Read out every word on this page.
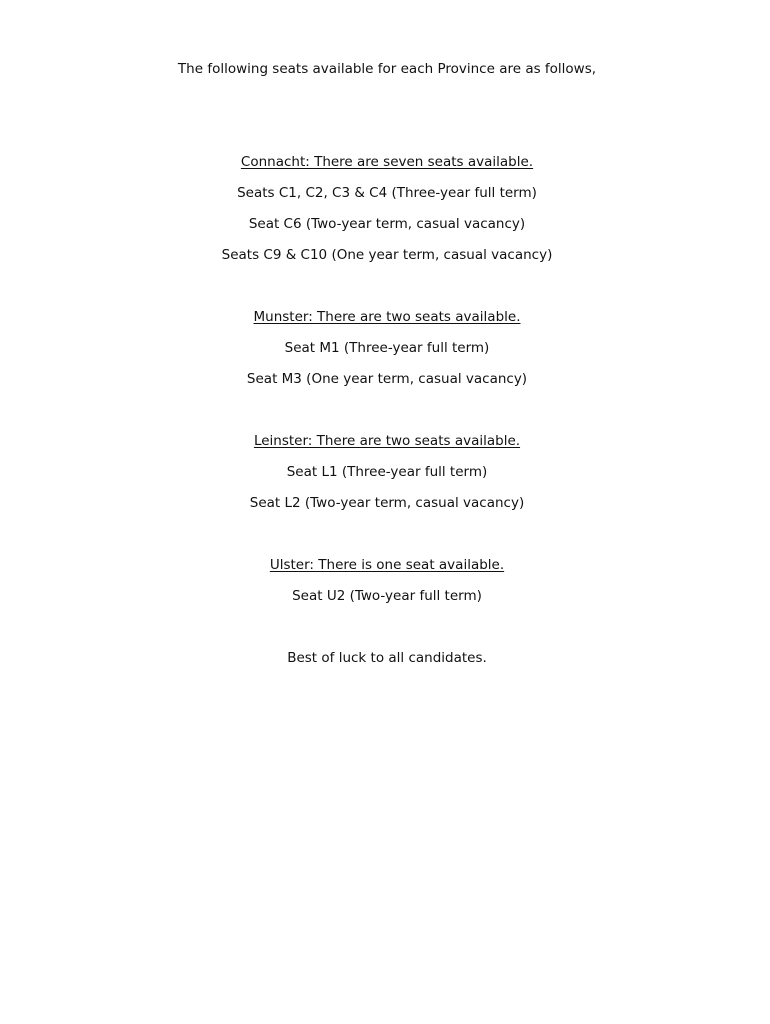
The following seats available for each Province are as follows,
Connacht: There are seven seats available.
Seats C1, C2, C3 & C4 (Three-year full term)
Seat C6 (Two-year term, casual vacancy)
Seats C9 & C10 (One year term, casual vacancy)
Munster: There are two seats available.
Seat M1 (Three-year full term)
Seat M3 (One year term, casual vacancy)
Leinster: There are two seats available.
Seat L1 (Three-year full term)
Seat L2 (Two-year term, casual vacancy)
Ulster: There is one seat available.
Seat U2 (Two-year full term)
Best of luck to all candidates.
